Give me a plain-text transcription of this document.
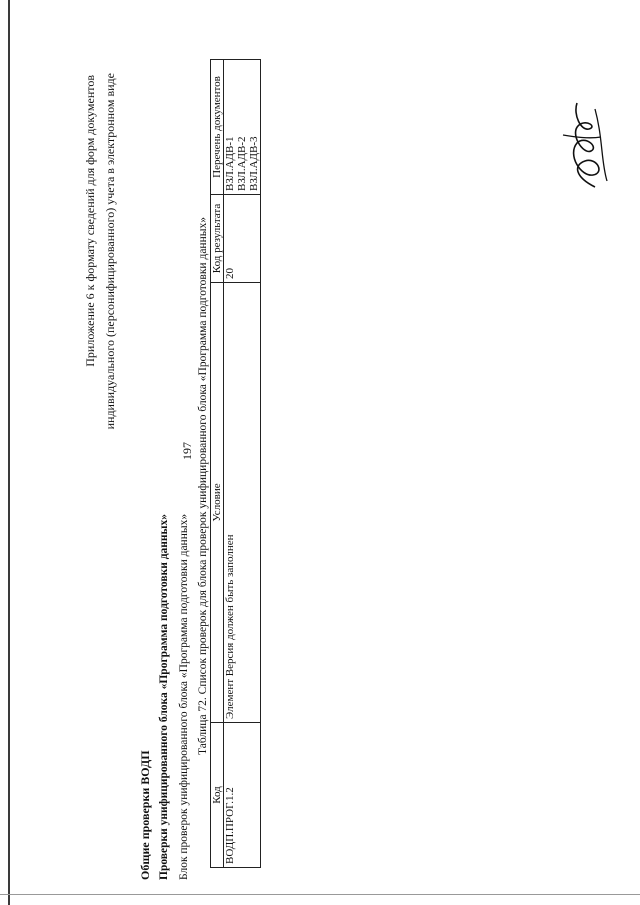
197
Приложение 6 к формату сведений для форм документов индивидуального (персонифицированного) учета в электронном виде
Общие проверки ВОДП Проверки унифицированного блока «Программа подготовки данных» Блок проверок унифицированного блока «Программа подготовки данных» Таблица 72. Список проверок для блока проверок унифицированного блока «Программа подготовки данных»
Код	Условие	Код результата	Перечень документов
ВОДП.ПРОГ.1.2	Элемент Версия должен быть заполнен	20	ВЗЛ.АДВ-1 ВЗЛ.АДВ-2 ВЗЛ.АДВ-3
